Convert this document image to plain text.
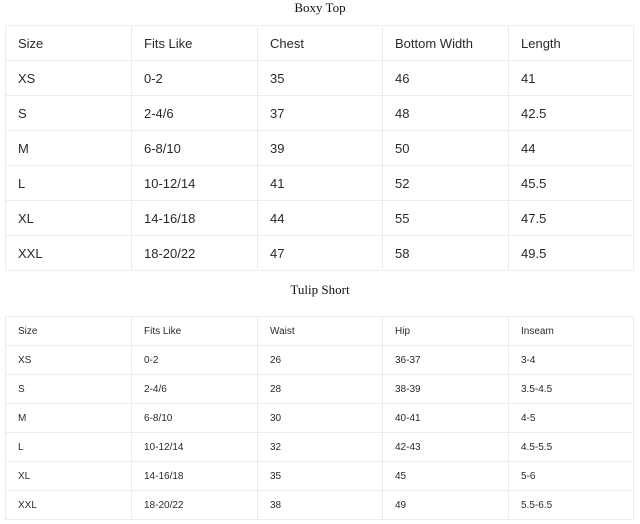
Boxy Top
Size	Fits Like	Chest	Bottom Width	Length
XS	0-2	35	46	41
S	2-4/6	37	48	42.5
M	6-8/10	39	50	44
L	10-12/14	41	52	45.5
XL	14-16/18	44	55	47.5
XXL	18-20/22	47	58	49.5
Tulip Short
Size	Fits Like	Waist	Hip	Inseam
XS	0-2	26	36-37	3-4
S	2-4/6	28	38-39	3.5-4.5
M	6-8/10	30	40-41	4-5
L	10-12/14	32	42-43	4.5-5.5
XL	14-16/18	35	45	5-6
XXL	18-20/22	38	49	5.5-6.5
